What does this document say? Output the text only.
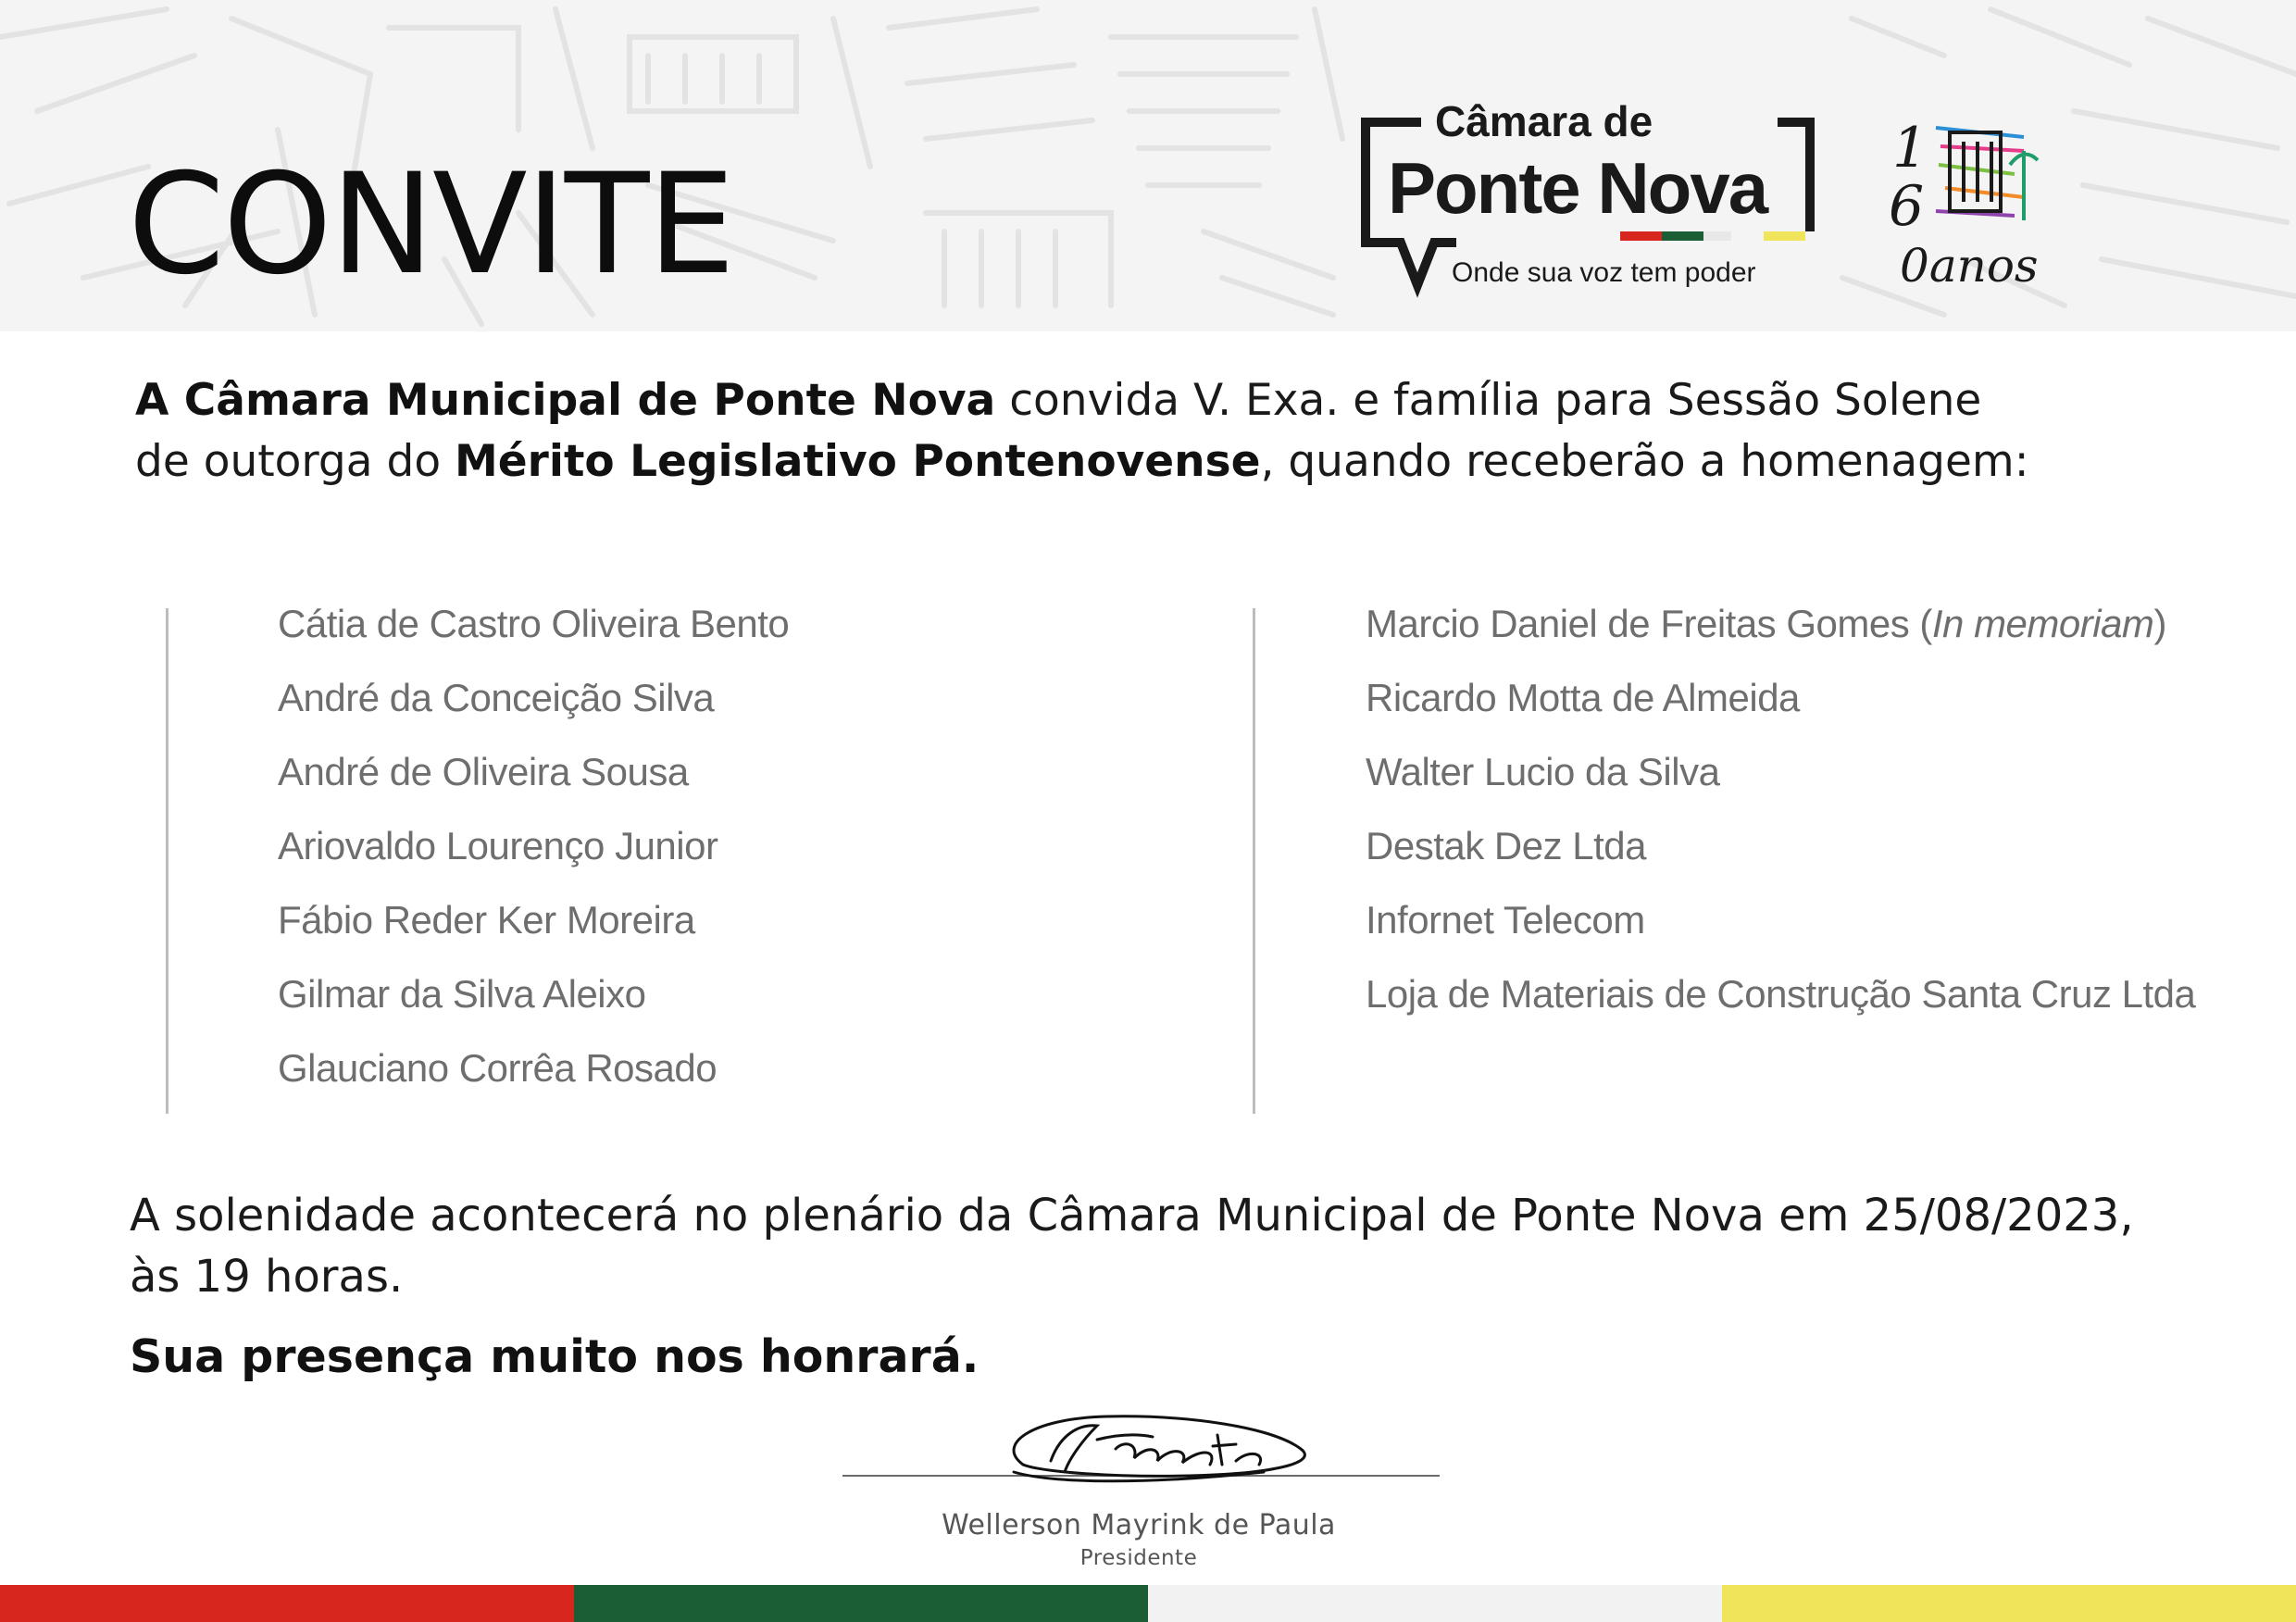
CONVITE
Câmara de
Ponte Nova
Onde sua voz tem poder
1
6
0anos
A Câmara Municipal de Ponte Nova convida V. Exa. e família para Sessão Solene
de outorga do Mérito Legislativo Pontenovense, quando receberão a homenagem:
Cátia de Castro Oliveira Bento
André da Conceição Silva
André de Oliveira Sousa
Ariovaldo Lourenço Junior
Fábio Reder Ker Moreira
Gilmar da Silva Aleixo
Glauciano Corrêa Rosado
Marcio Daniel de Freitas Gomes (In memoriam)
Ricardo Motta de Almeida
Walter Lucio da Silva
Destak Dez Ltda
Infornet Telecom
Loja de Materiais de Construção Santa Cruz Ltda
A solenidade acontecerá no plenário da Câmara Municipal de Ponte Nova em 25/08/2023,
às 19 horas.
Sua presença muito nos honrará.
Wellerson Mayrink de Paula
Presidente
